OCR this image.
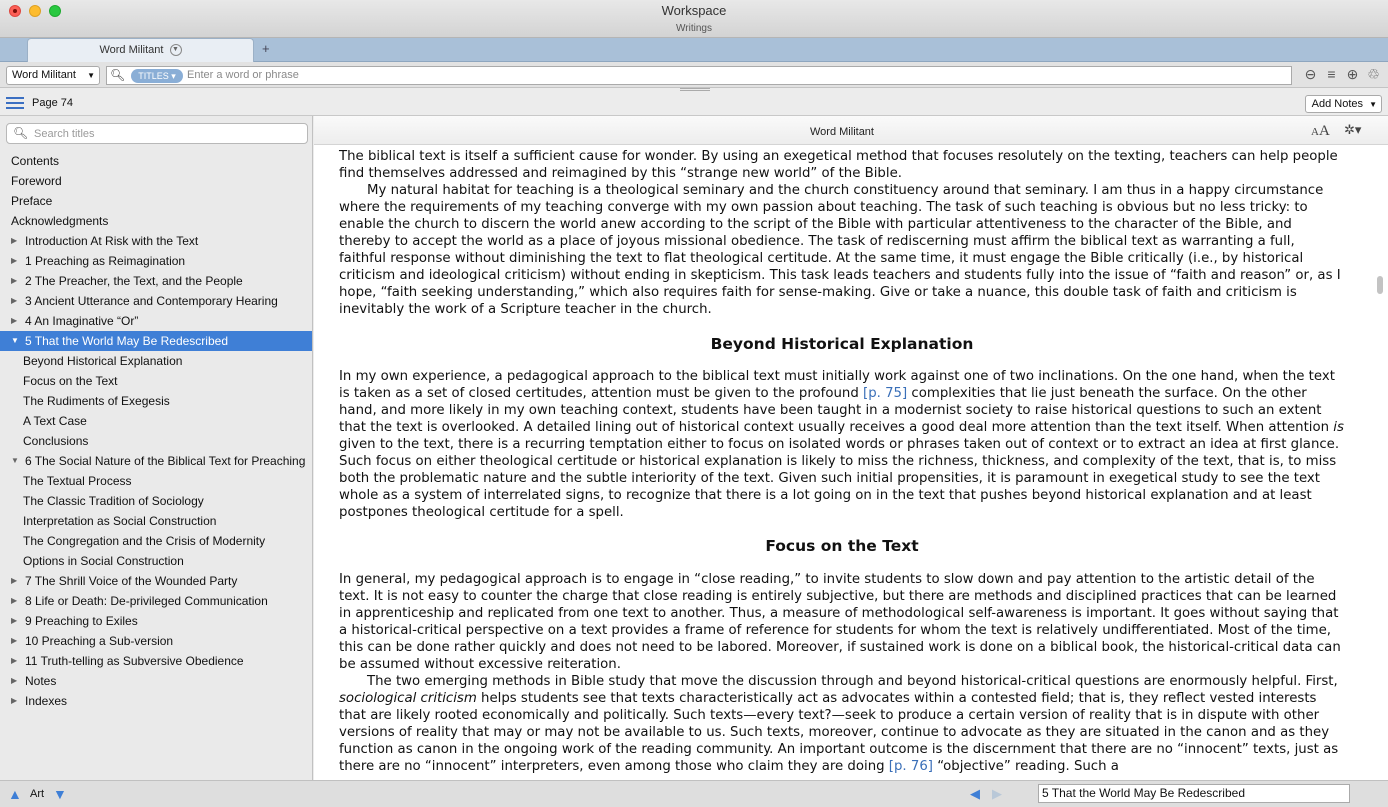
Workspace
Writings
Word Militant ▼	+
Word Militant ▼ 🔍︎	TITLES ▾	Enter a word or phrase	⊖ ≡ ⊕ ♲
Page 74	Add Notes ▼
🔍︎ Search titles
Contents
Foreword
Preface
Acknowledgments
▶ Introduction At Risk with the Text
▶ 1 Preaching as Reimagination
▶ 2 The Preacher, the Text, and the People
▶ 3 Ancient Utterance and Contemporary Hearing
▶ 4 An Imaginative “Or”
▼ 5 That the World May Be Redescribed
Beyond Historical Explanation
Focus on the Text
The Rudiments of Exegesis
A Text Case
Conclusions
▼ 6 The Social Nature of the Biblical Text for Preaching
The Textual Process
The Classic Tradition of Sociology
Interpretation as Social Construction
The Congregation and the Crisis of Modernity
Options in Social Construction
▶ 7 The Shrill Voice of the Wounded Party
▶ 8 Life or Death: De-privileged Communication
▶ 9 Preaching to Exiles
▶ 10 Preaching a Sub-version
▶ 11 Truth-telling as Subversive Obedience
▶ Notes
▶ Indexes
Word Militant	AA ✲▾

The biblical text is itself a sufficient cause for wonder. By using an exegetical method that focuses resolutely on the texting, teachers can help people find themselves addressed and reimagined by this “strange new world” of the Bible.

My natural habitat for teaching is a theological seminary and the church constituency around that seminary. I am thus in a happy circumstance where the requirements of my teaching converge with my own passion about teaching. The task of such teaching is obvious but no less tricky: to enable the church to discern the world anew according to the script of the Bible with particular attentiveness to the character of the Bible, and thereby to accept the world as a place of joyous missional obedience. The task of rediscerning must affirm the biblical text as warranting a full, faithful response without diminishing the text to flat theological certitude. At the same time, it must engage the Bible critically (i.e., by historical criticism and ideological criticism) without ending in skepticism. This task leads teachers and students fully into the issue of “faith and reason” or, as I hope, “faith seeking understanding,” which also requires faith for sense-making. Give or take a nuance, this double task of faith and criticism is inevitably the work of a Scripture teacher in the church.

Beyond Historical Explanation

In my own experience, a pedagogical approach to the biblical text must initially work against one of two inclinations. On the one hand, when the text is taken as a set of closed certitudes, attention must be given to the profound [p. 75] complexities that lie just beneath the surface. On the other hand, and more likely in my own teaching context, students have been taught in a modernist society to raise historical questions to such an extent that the text is overlooked. A detailed lining out of historical context usually receives a good deal more attention than the text itself. When attention is given to the text, there is a recurring temptation either to focus on isolated words or phrases taken out of context or to extract an idea at first glance. Such focus on either theological certitude or historical explanation is likely to miss the richness, thickness, and complexity of the text, that is, to miss both the problematic nature and the subtle interiority of the text. Given such initial propensities, it is paramount in exegetical study to see the text whole as a system of interrelated signs, to recognize that there is a lot going on in the text that pushes beyond historical explanation and at least postpones theological certitude for a spell.

Focus on the Text

In general, my pedagogical approach is to engage in “close reading,” to invite students to slow down and pay attention to the artistic detail of the text. It is not easy to counter the charge that close reading is entirely subjective, but there are methods and disciplined practices that can be learned in apprenticeship and replicated from one text to another. Thus, a measure of methodological self-awareness is important. It goes without saying that a historical-critical perspective on a text provides a frame of reference for students for whom the text is relatively undifferentiated. Most of the time, this can be done rather quickly and does not need to be labored. Moreover, if sustained work is done on a biblical book, the historical-critical data can be assumed without excessive reiteration.

The two emerging methods in Bible study that move the discussion through and beyond historical-critical questions are enormously helpful. First, sociological criticism helps students see that texts characteristically act as advocates within a contested field; that is, they reflect vested interests that are likely rooted economically and politically. Such texts—every text?—seek to produce a certain version of reality that is in dispute with other versions of reality that may or may not be available to us. Such texts, moreover, continue to advocate as they are situated in the canon and as they function as canon in the ongoing work of the reading community. An important outcome is the discernment that there are no “innocent” texts, just as there are no “innocent” interpreters, even among those who claim they are doing [p. 76] “objective” reading. Such a

▲ Art ▼	◀ ▶	5 That the World May Be Redescribed
